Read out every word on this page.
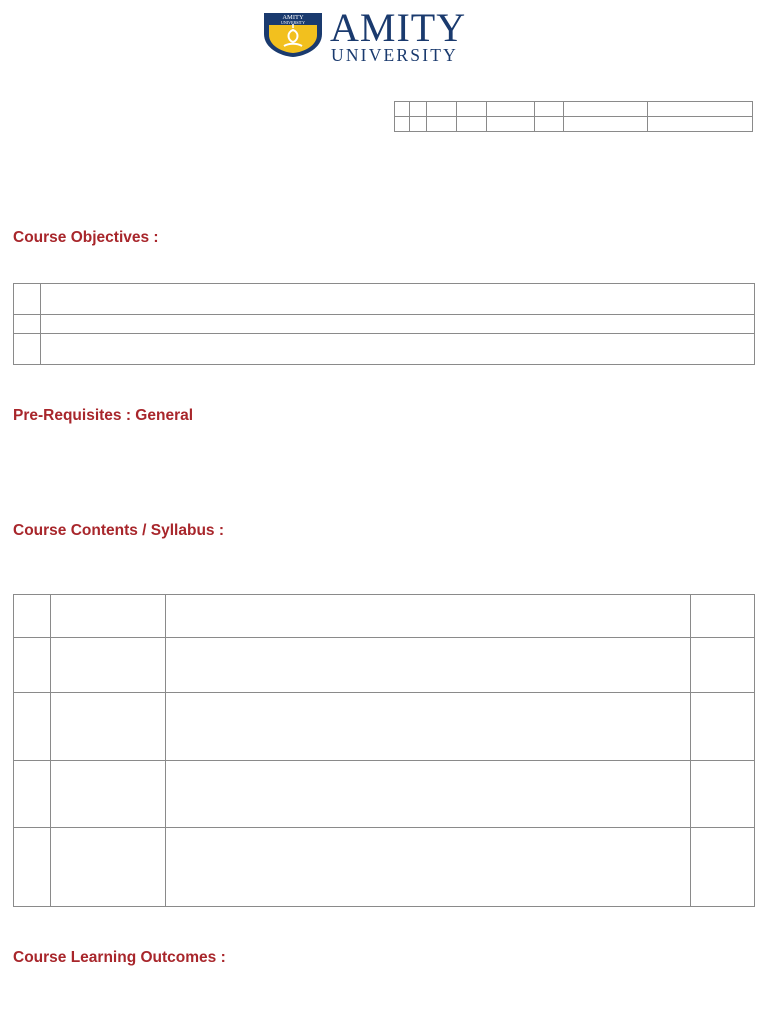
AMITY
UNIVERSITY AMITY
UNIVERSITY

Course Objectives :

Pre-Requisites : General
Course Contents / Syllabus :

Course Learning Outcomes :
